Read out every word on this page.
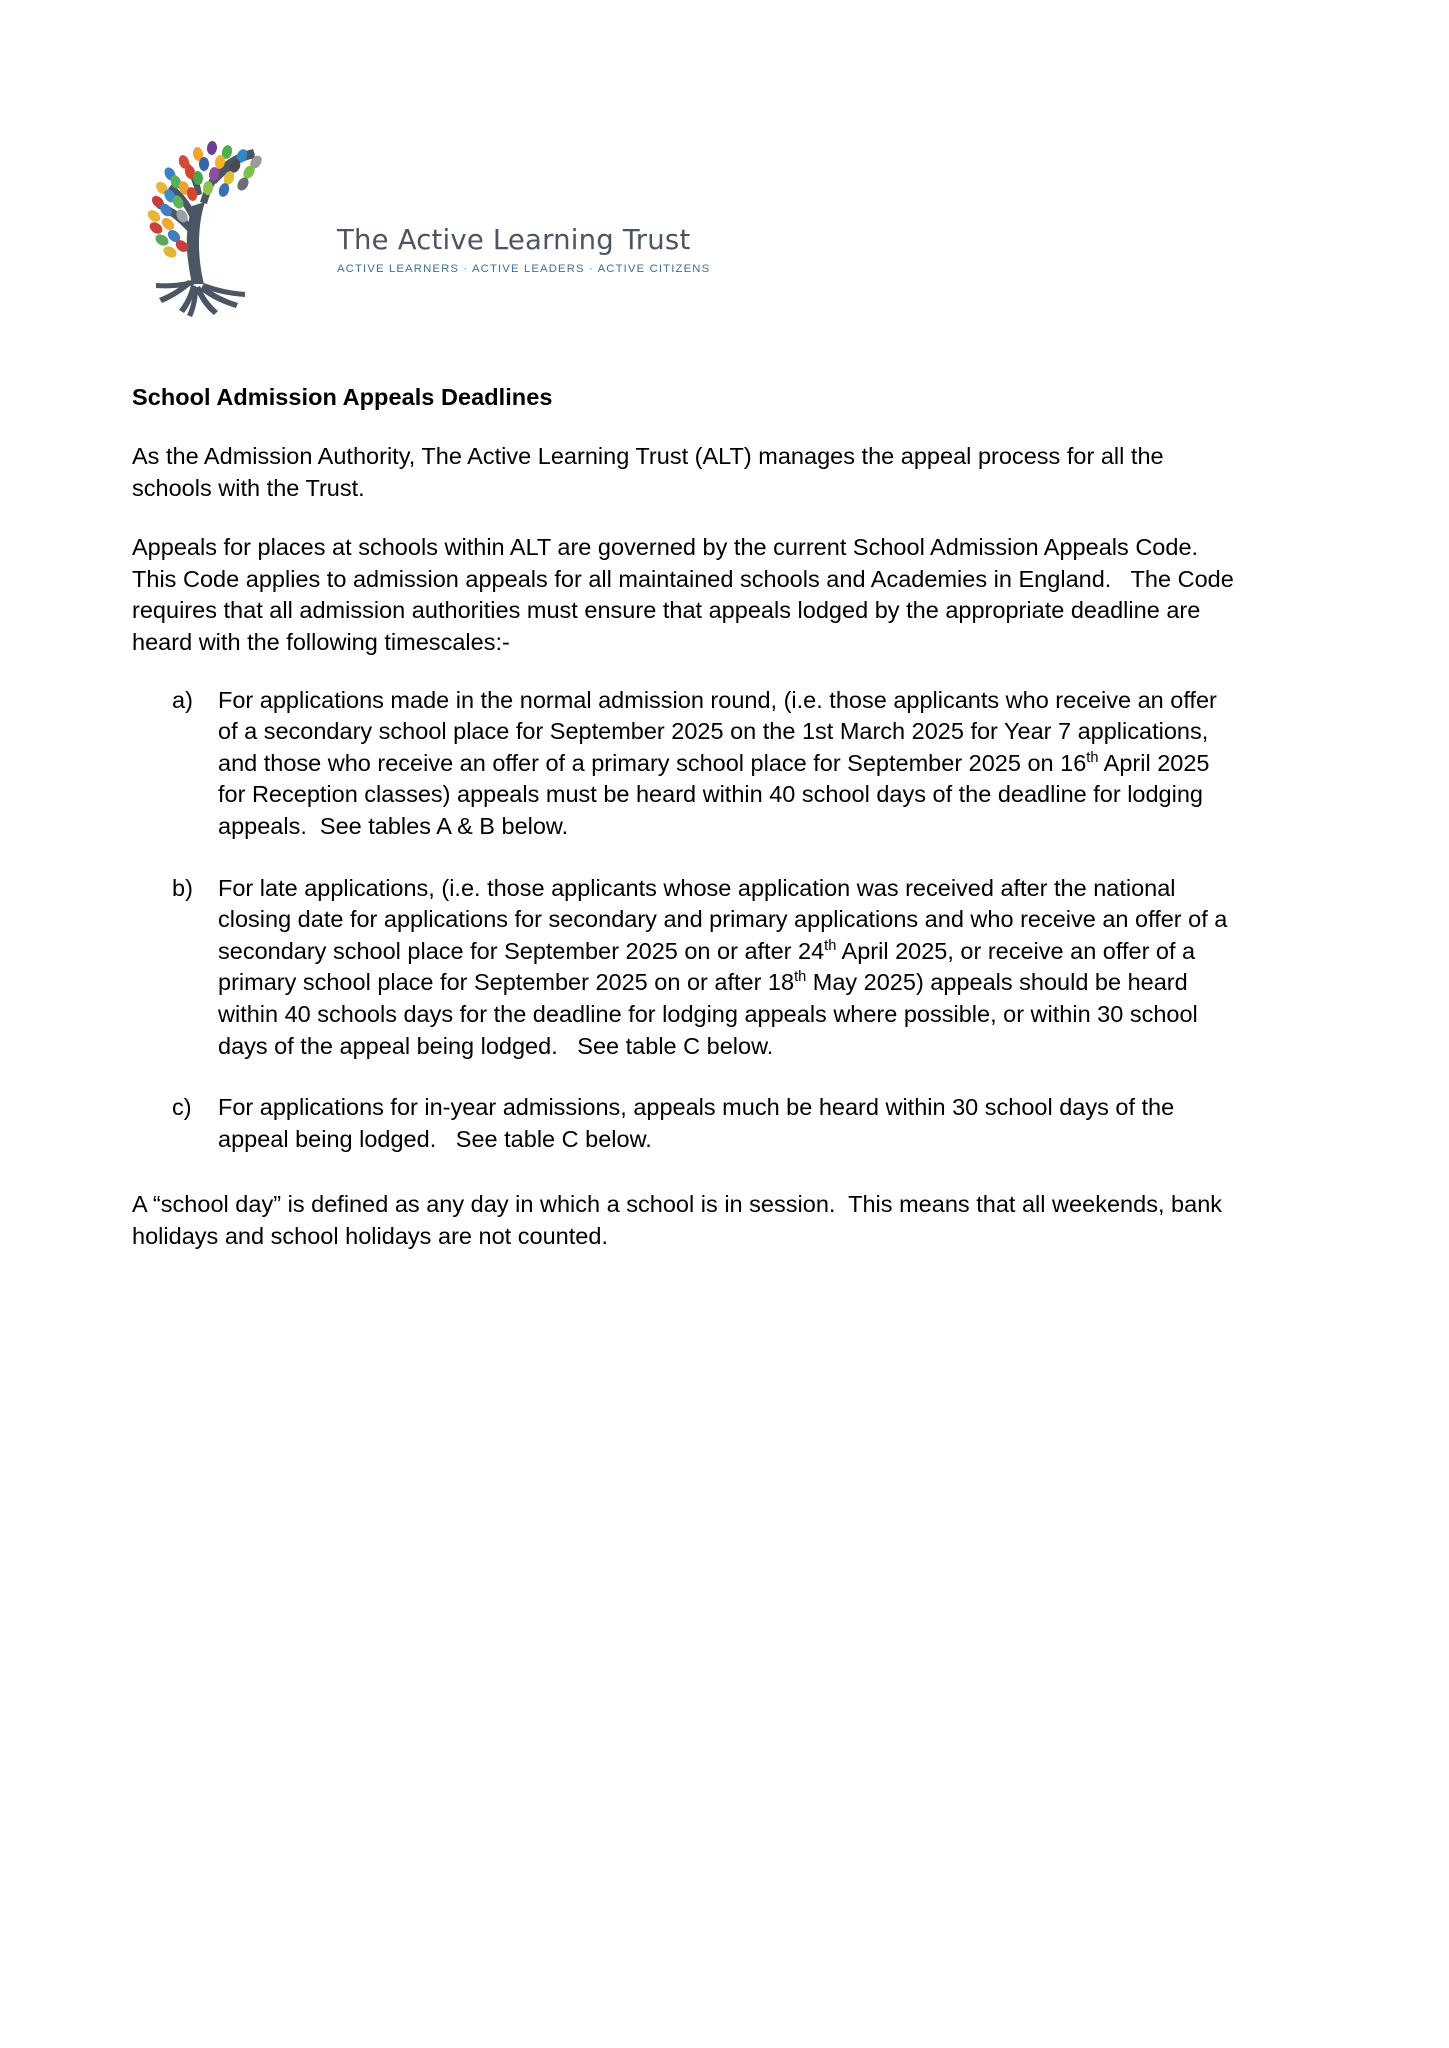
The Active Learning Trust
ACTIVE LEARNERS · ACTIVE LEADERS · ACTIVE CITIZENS
School Admission Appeals Deadlines

As the Admission Authority, The Active Learning Trust (ALT) manages the appeal process for all the schools with the Trust.

Appeals for places at schools within ALT are governed by the current School Admission Appeals Code.  This Code applies to admission appeals for all maintained schools and Academies in England.   The Code requires that all admission authorities must ensure that appeals lodged by the appropriate deadline are heard with the following timescales:-

a)	For applications made in the normal admission round, (i.e. those applicants who receive an offer of a secondary school place for September 2025 on the 1st March 2025 for Year 7 applications, and those who receive an offer of a primary school place for September 2025 on 16th April 2025 for Reception classes) appeals must be heard within 40 school days of the deadline for lodging appeals.  See tables A & B below.
b)	For late applications, (i.e. those applicants whose application was received after the national closing date for applications for secondary and primary applications and who receive an offer of a secondary school place for September 2025 on or after 24th April 2025, or receive an offer of a primary school place for September 2025 on or after 18th May 2025) appeals should be heard within 40 schools days for the deadline for lodging appeals where possible, or within 30 school days of the appeal being lodged.   See table C below.
c)	For applications for in-year admissions, appeals much be heard within 30 school days of the appeal being lodged.   See table C below.

A “school day” is defined as any day in which a school is in session.  This means that all weekends, bank holidays and school holidays are not counted.
